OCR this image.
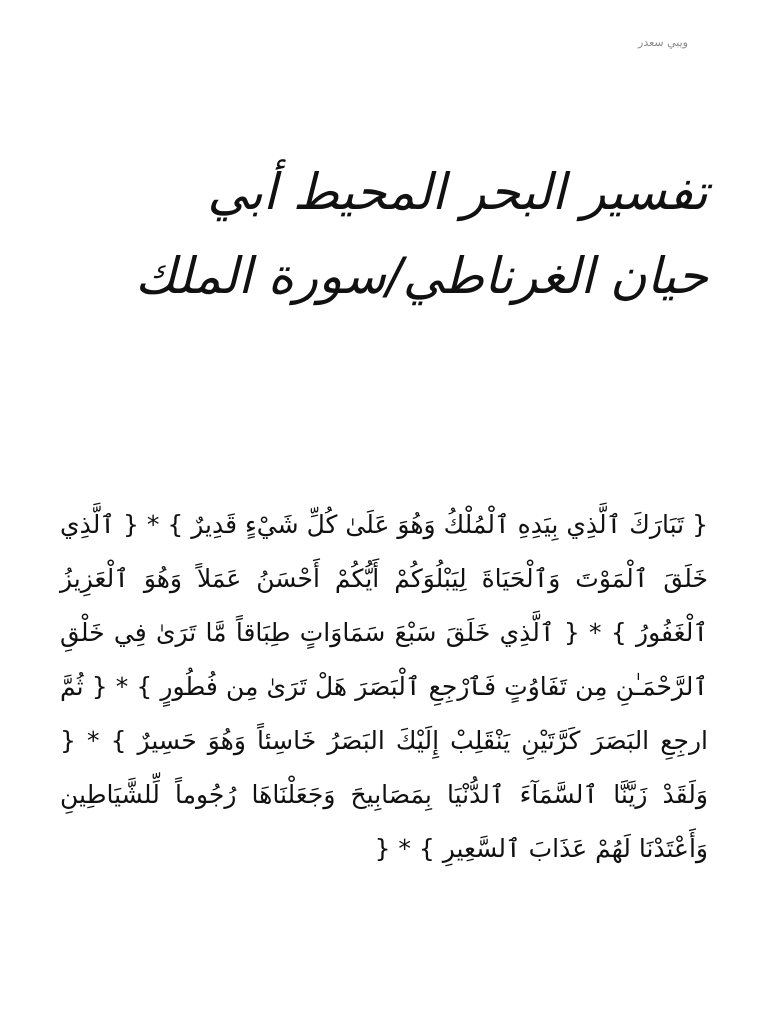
ويبي سعدر
تفسير البحر المحيط أبي حيان الغرناطي/سورة الملك

{ تَبَارَكَ ٱلَّذِي بِيَدِهِ ٱلْمُلْكُ وَهُوَ عَلَىٰ كُلِّ شَيْءٍ قَدِيرٌ } * { ٱلَّذِي خَلَقَ ٱلْمَوْتَ وَٱلْحَيَاةَ لِيَبْلُوَكُمْ أَيُّكُمْ أَحْسَنُ عَمَلاً وَهُوَ ٱلْعَزِيزُ ٱلْغَفُورُ } * { ٱلَّذِي خَلَقَ سَبْعَ سَمَاوَاتٍ طِبَاقاً مَّا تَرَىٰ فِي خَلْقِ ٱلرَّحْمَـٰنِ مِن تَفَاوُتٍ فَٱرْجِعِ ٱلْبَصَرَ هَلْ تَرَىٰ مِن فُطُورٍ } * { ثُمَّ ارجِعِ البَصَرَ كَرَّتَيْنِ يَنْقَلِبْ إِلَيْكَ البَصَرُ خَاسِئاً وَهُوَ حَسِيرٌ } * { وَلَقَدْ زَيَّنَّا ٱلسَّمَآءَ ٱلدُّنْيَا بِمَصَابِيحَ وَجَعَلْنَاهَا رُجُوماً لِّلشَّيَاطِينِ وَأَعْتَدْنَا لَهُمْ عَذَابَ ٱلسَّعِيرِ } * {
